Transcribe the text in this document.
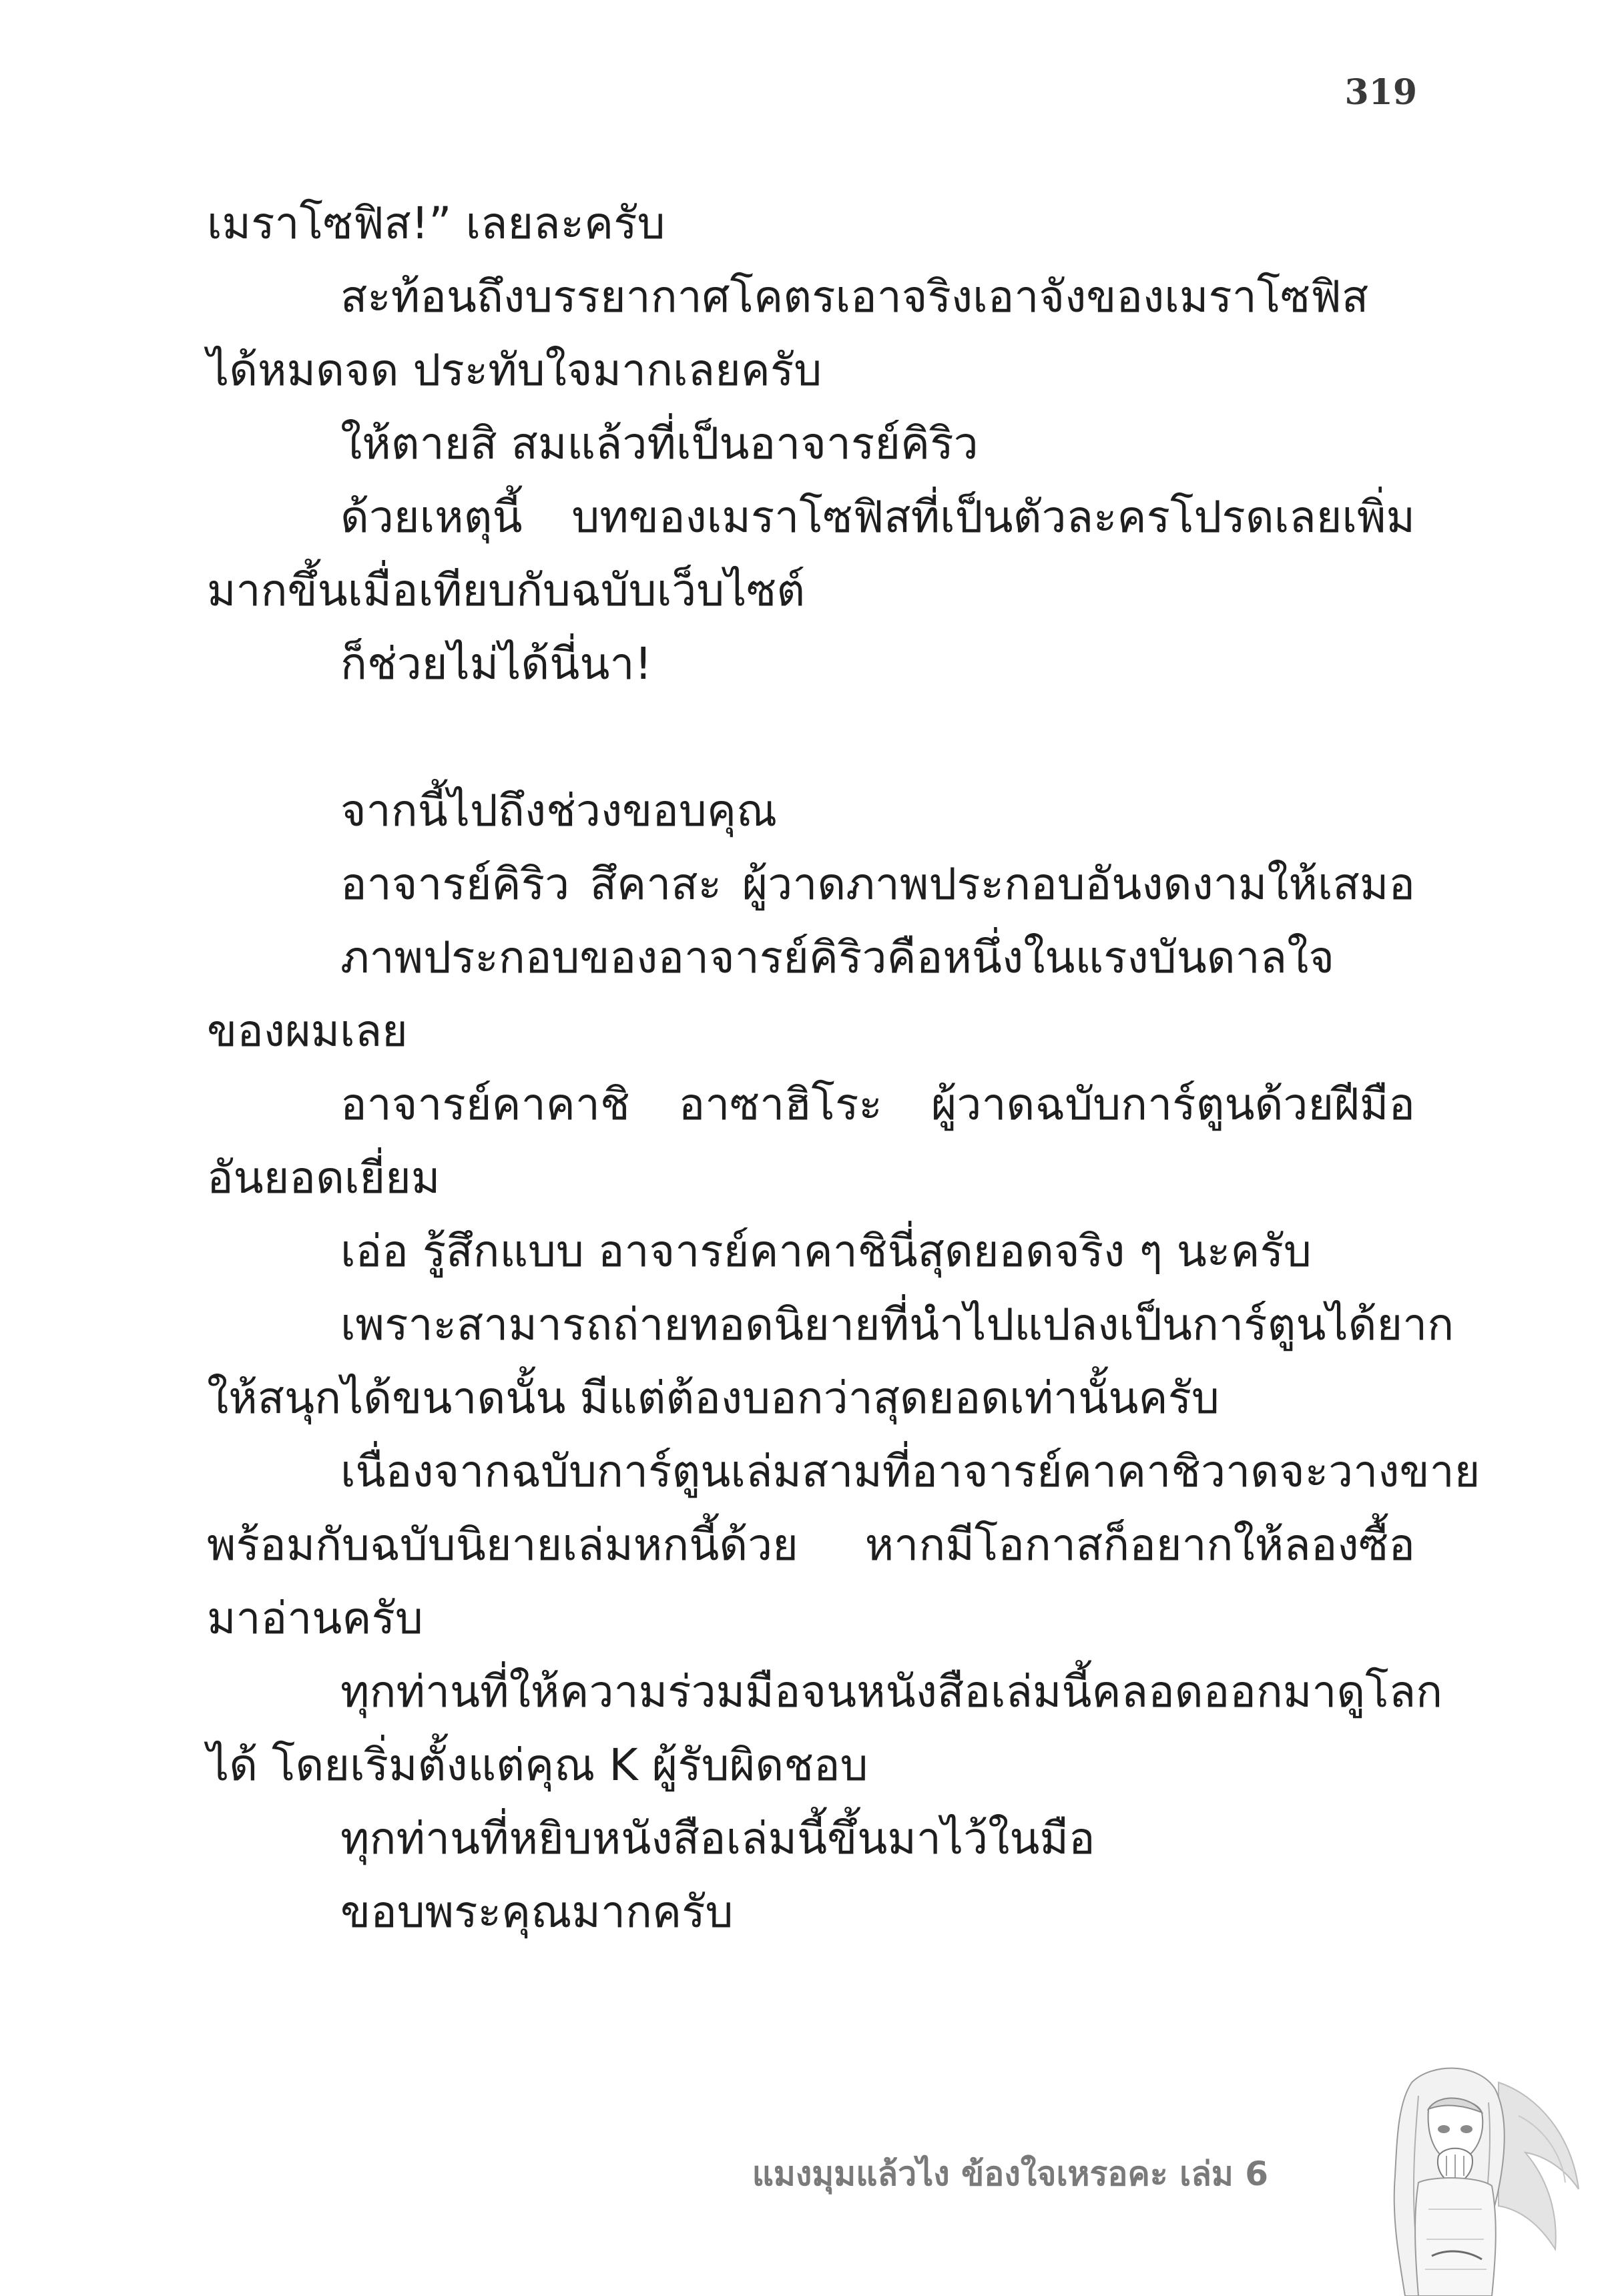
319
เมราโซฟิส!” เลยละครับ
สะท้อนถึงบรรยากาศโคตรเอาจริงเอาจังของเมราโซฟิส
ได้หมดจด ประทับใจมากเลยครับ
ให้ตายสิ สมแล้วที่เป็นอาจารย์คิริว
ด้วยเหตุนี้ บทของเมราโซฟิสที่เป็นตัวละครโปรดเลยเพิ่ม
มากขึ้นเมื่อเทียบกับฉบับเว็บไซต์
ก็ช่วยไม่ได้นี่นา!
จากนี้ไปถึงช่วงขอบคุณ
อาจารย์คิริว สึคาสะ ผู้วาดภาพประกอบอันงดงามให้เสมอ
ภาพประกอบของอาจารย์คิริวคือหนึ่งในแรงบันดาลใจ
ของผมเลย
อาจารย์คาคาชิ อาซาฮิโระ ผู้วาดฉบับการ์ตูนด้วยฝีมือ
อันยอดเยี่ยม
เอ่อ รู้สึกแบบ อาจารย์คาคาชินี่สุดยอดจริง ๆ นะครับ
เพราะสามารถถ่ายทอดนิยายที่นำไปแปลงเป็นการ์ตูนได้ยาก
ให้สนุกได้ขนาดนั้น มีแต่ต้องบอกว่าสุดยอดเท่านั้นครับ
เนื่องจากฉบับการ์ตูนเล่มสามที่อาจารย์คาคาชิวาดจะวางขาย
พร้อมกับฉบับนิยายเล่มหกนี้ด้วย หากมีโอกาสก็อยากให้ลองซื้อ
มาอ่านครับ
ทุกท่านที่ให้ความร่วมมือจนหนังสือเล่มนี้คลอดออกมาดูโลก
ได้ โดยเริ่มตั้งแต่คุณ K ผู้รับผิดชอบ
ทุกท่านที่หยิบหนังสือเล่มนี้ขึ้นมาไว้ในมือ
ขอบพระคุณมากครับ
แมงมุมแล้วไง ข้องใจเหรอคะ เล่ม 6
